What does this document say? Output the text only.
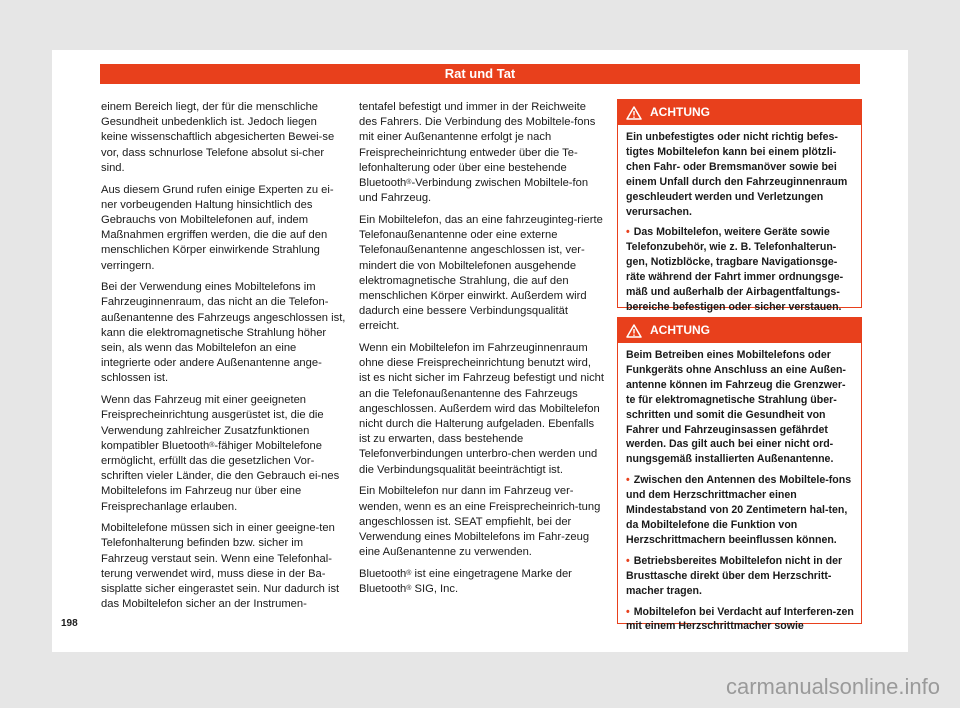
Rat und Tat

einem Bereich liegt, der für die menschliche Gesundheit unbedenklich ist. Jedoch liegen keine wissenschaftlich abgesicherten Bewei-se vor, dass schnurlose Telefone absolut si-cher sind.

Aus diesem Grund rufen einige Experten zu ei-ner vorbeugenden Haltung hinsichtlich des Gebrauchs von Mobiltelefonen auf, indem Maßnahmen ergriffen werden, die die auf den menschlichen Körper einwirkende Strahlung verringern.

Bei der Verwendung eines Mobiltelefons im Fahrzeuginnenraum, das nicht an die Telefon-außenantenne des Fahrzeugs angeschlossen ist, kann die elektromagnetische Strahlung höher sein, als wenn das Mobiltelefon an eine integrierte oder andere Außenantenne ange-schlossen ist.

Wenn das Fahrzeug mit einer geeigneten Freisprecheinrichtung ausgerüstet ist, die die Verwendung zahlreicher Zusatzfunktionen kompatibler Bluetooth®-fähiger Mobiltelefone ermöglicht, erfüllt das die gesetzlichen Vor-schriften vieler Länder, die den Gebrauch ei-nes Mobiltelefons im Fahrzeug nur über eine Freisprechanlage erlauben.

Mobiltelefone müssen sich in einer geeigne-ten Telefonhalterung befinden bzw. sicher im Fahrzeug verstaut sein. Wenn eine Telefonhal-terung verwendet wird, muss diese in der Ba-sisplatte sicher eingerastet sein. Nur dadurch ist das Mobiltelefon sicher an der Instrumen-

tentafel befestigt und immer in der Reichweite des Fahrers. Die Verbindung des Mobiltele-fons mit einer Außenantenne erfolgt je nach Freisprecheinrichtung entweder über die Te-lefonhalterung oder über eine bestehende Bluetooth®-Verbindung zwischen Mobiltele-fon und Fahrzeug.

Ein Mobiltelefon, das an eine fahrzeuginteg-rierte Telefonaußenantenne oder eine externe Telefonaußenantenne angeschlossen ist, ver-mindert die von Mobiltelefonen ausgehende elektromagnetische Strahlung, die auf den menschlichen Körper einwirkt. Außerdem wird dadurch eine bessere Verbindungsqualität erreicht.

Wenn ein Mobiltelefon im Fahrzeuginnenraum ohne diese Freisprecheinrichtung benutzt wird, ist es nicht sicher im Fahrzeug befestigt und nicht an die Telefonaußenantenne des Fahrzeugs angeschlossen. Außerdem wird das Mobiltelefon nicht durch die Halterung aufgeladen. Ebenfalls ist zu erwarten, dass bestehende Telefonverbindungen unterbro-chen werden und die Verbindungsqualität beeinträchtigt ist.

Ein Mobiltelefon nur dann im Fahrzeug ver-wenden, wenn es an eine Freisprecheinrich-tung angeschlossen ist. SEAT empfiehlt, bei der Verwendung eines Mobiltelefons im Fahr-zeug eine Außenantenne zu verwenden.

Bluetooth® ist eine eingetragene Marke der Bluetooth® SIG, Inc.

ACHTUNG

Ein unbefestigtes oder nicht richtig befes-tigtes Mobiltelefon kann bei einem plötzli-chen Fahr- oder Bremsmanöver sowie bei einem Unfall durch den Fahrzeuginnenraum geschleudert werden und Verletzungen verursachen.

• Das Mobiltelefon, weitere Geräte sowie Telefonzubehör, wie z. B. Telefonhalterun-gen, Notizblöcke, tragbare Navigationsge-räte während der Fahrt immer ordnungsge-mäß und außerhalb der Airbagentfaltungs-bereiche befestigen oder sicher verstauen.

ACHTUNG

Beim Betreiben eines Mobiltelefons oder Funkgeräts ohne Anschluss an eine Außen-antenne können im Fahrzeug die Grenzwer-te für elektromagnetische Strahlung über-schritten und somit die Gesundheit von Fahrer und Fahrzeuginsassen gefährdet werden. Das gilt auch bei einer nicht ord-nungsgemäß installierten Außenantenne.

• Zwischen den Antennen des Mobiltele-fons und dem Herzschrittmacher einen Mindestabstand von 20 Zentimetern hal-ten, da Mobiltelefone die Funktion von Herzschrittmachern beeinflussen können.

• Betriebsbereites Mobiltelefon nicht in der Brusttasche direkt über dem Herzschritt-macher tragen.

• Mobiltelefon bei Verdacht auf Interferen-zen mit einem Herzschrittmacher sowie

198
carmanualsonline.info
